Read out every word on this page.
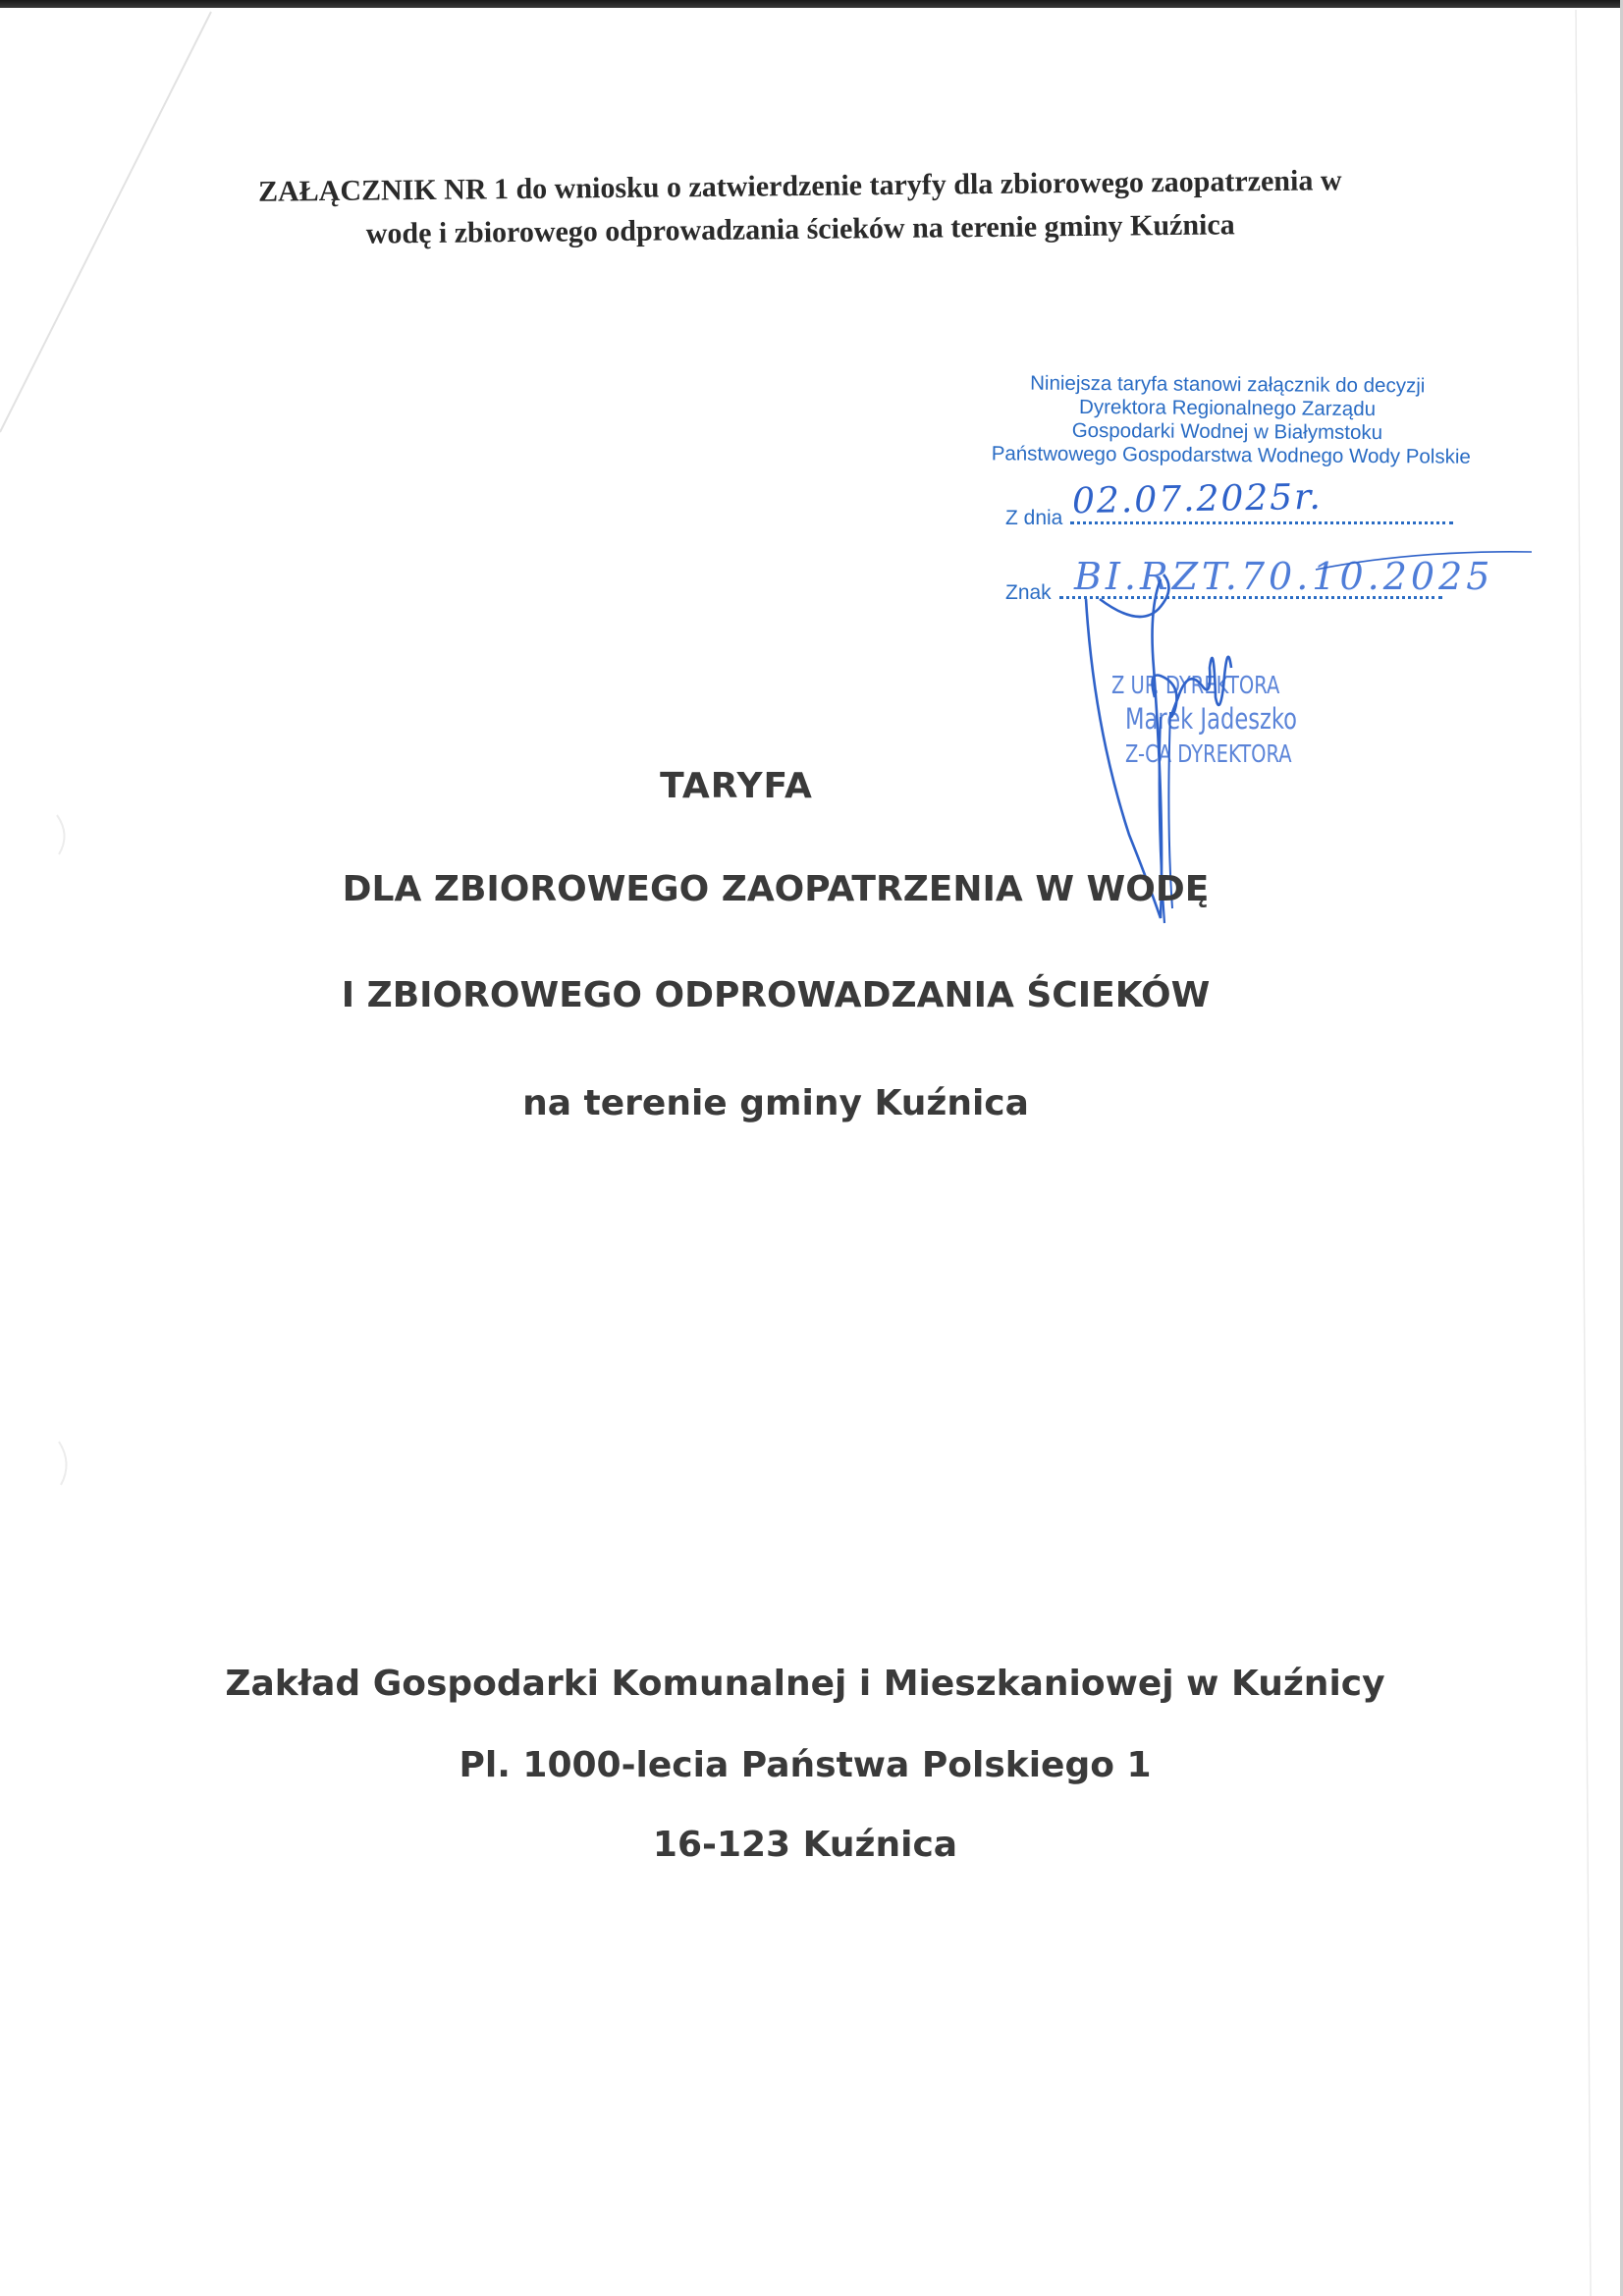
ZAŁĄCZNIK NR 1 do wniosku o zatwierdzenie taryfy dla zbiorowego zaopatrzenia w
wodę i zbiorowego odprowadzania ścieków na terenie gminy Kuźnica
Niniejsza taryfa stanowi załącznik do decyzji
Dyrektora Regionalnego Zarządu
Gospodarki Wodnej w Białymstoku
Państwowego Gospodarstwa Wodnego Wody Polskie
Z dnia 02.07.2025r.
Znak BI.RZT.70.10.2025
Z UP. DYREKTORA
Marek Jadeszko
Z-CA DYREKTORA
TARYFA
DLA ZBIOROWEGO ZAOPATRZENIA W WODĘ
I ZBIOROWEGO ODPROWADZANIA ŚCIEKÓW
na terenie gminy Kuźnica
Zakład Gospodarki Komunalnej i Mieszkaniowej w Kuźnicy
Pl. 1000-lecia Państwa Polskiego 1
16-123 Kuźnica
